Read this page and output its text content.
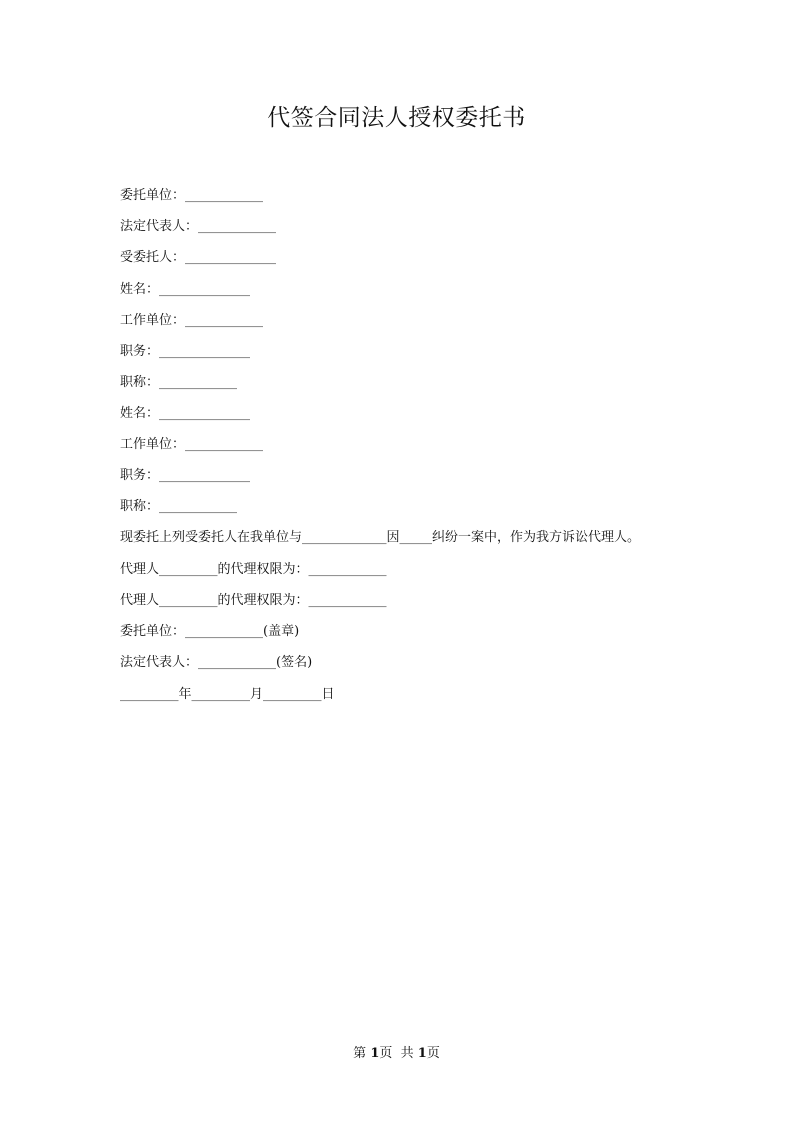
代签合同法人授权委托书
委托单位：____________
法定代表人：____________
受委托人：______________
姓名：______________
工作单位：____________
职务：______________
职称：____________
姓名：______________
工作单位：____________
职务：______________
职称：____________
现委托上列受委托人在我单位与_____________因_____纠纷一案中，作为我方诉讼代理人。
代理人_________的代理权限为：____________
代理人_________的代理权限为：____________
委托单位：____________(盖章)
法定代表人：____________(签名)
_________年_________月_________日
第 1页  共 1页
